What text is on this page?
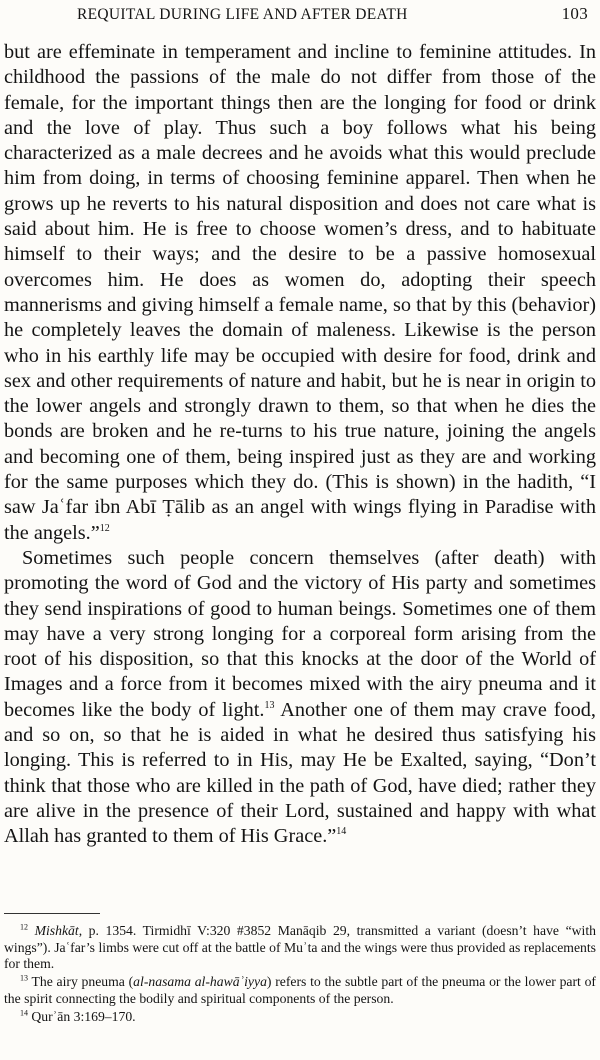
REQUITAL DURING LIFE AND AFTER DEATH	103

but are effeminate in temperament and incline to feminine attitudes. In childhood the passions of the male do not differ from those of the female, for the important things then are the longing for food or drink and the love of play. Thus such a boy follows what his being characterized as a male decrees and he avoids what this would preclude him from doing, in terms of choosing feminine apparel. Then when he grows up he reverts to his natural disposition and does not care what is said about him. He is free to choose women’s dress, and to habituate himself to their ways; and the desire to be a passive homosexual overcomes him. He does as women do, adopting their speech mannerisms and giving himself a female name, so that by this (behavior) he completely leaves the domain of maleness. Likewise is the person who in his earthly life may be occupied with desire for food, drink and sex and other requirements of nature and habit, but he is near in origin to the lower angels and strongly drawn to them, so that when he dies the bonds are broken and he re-turns to his true nature, joining the angels and becoming one of them, being inspired just as they are and working for the same purposes which they do. (This is shown) in the hadith, “I saw Jaʿfar ibn Abī Ṭālib as an angel with wings flying in Paradise with the angels.”$^{12}$

Sometimes such people concern themselves (after death) with promoting the word of God and the victory of His party and sometimes they send inspirations of good to human beings. Sometimes one of them may have a very strong longing for a corporeal form arising from the root of his disposition, so that this knocks at the door of the World of Images and a force from it becomes mixed with the airy pneuma and it becomes like the body of light.$^{13}$ Another one of them may crave food, and so on, so that he is aided in what he desired thus satisfying his longing. This is referred to in His, may He be Exalted, saying, “Don’t think that those who are killed in the path of God, have died; rather they are alive in the presence of their Lord, sustained and happy with what Allah has granted to them of His Grace.”$^{14}$

$^{12}$ Mishkāt, p. 1354. Tirmidhī V:320 #3852 Manāqib 29, transmitted a variant (doesn’t have “with wings”). Jaʿfar’s limbs were cut off at the battle of Muʾta and the wings were thus provided as replacements for them.

$^{13}$ The airy pneuma (al-nasama al-hawāʾiyya) refers to the subtle part of the pneuma or the lower part of the spirit connecting the bodily and spiritual components of the person.

$^{14}$ Qurʾān 3:169–170.
